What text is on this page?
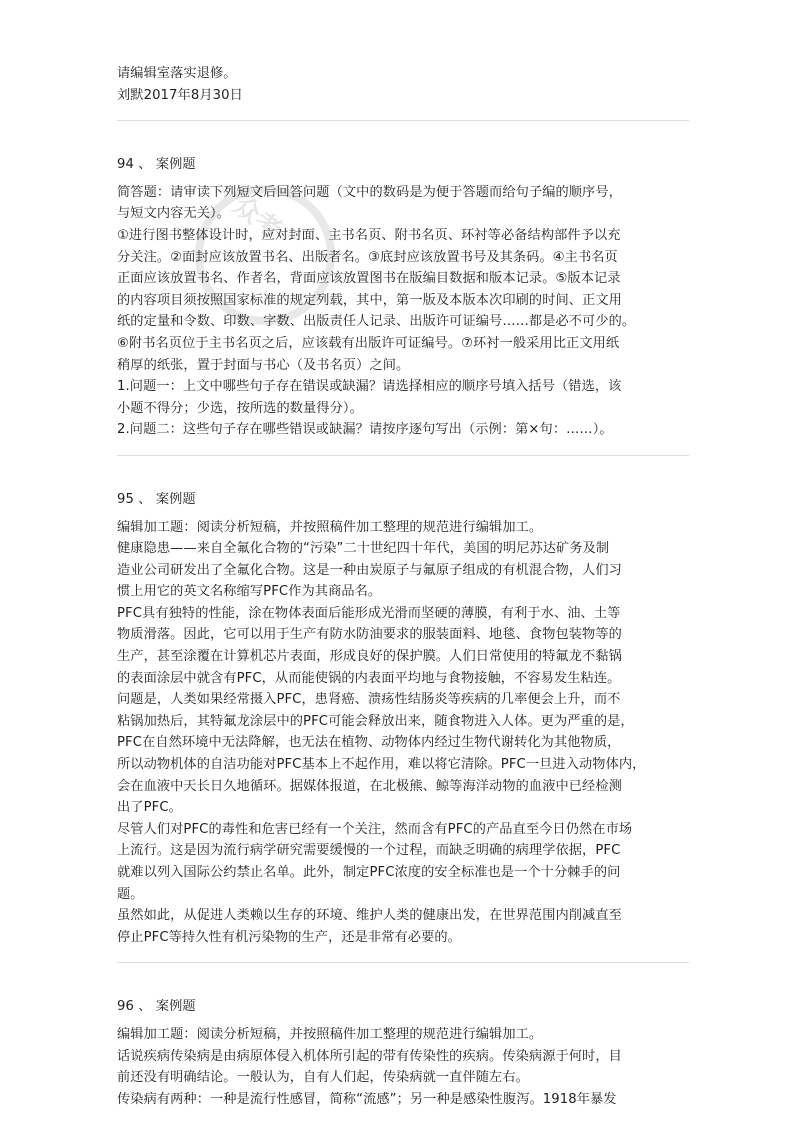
众考
请编辑室落实退修。
刘默2017年8月30日
94 、 案例题
简答题：请审读下列短文后回答问题（文中的数码是为便于答题而给句子编的顺序号，
与短文内容无关）。
①进行图书整体设计时，应对封面、主书名页、附书名页、环衬等必备结构部件予以充
分关注。②面封应该放置书名、出版者名。③底封应该放置书号及其条码。④主书名页
正面应该放置书名、作者名，背面应该放置图书在版编目数据和版本记录。⑤版本记录
的内容项目须按照国家标准的规定列载，其中，第一版及本版本次印刷的时间、正文用
纸的定量和令数、印数、字数、出版责任人记录、出版许可证编号……都是必不可少的。
⑥附书名页位于主书名页之后，应该载有出版许可证编号。⑦环衬一般采用比正文用纸
稍厚的纸张，置于封面与书心（及书名页）之间。
1.问题一：上文中哪些句子存在错误或缺漏？请选择相应的顺序号填入括号（错选，该
小题不得分；少选，按所选的数量得分）。
2.问题二：这些句子存在哪些错误或缺漏？请按序逐句写出（示例：第×句：……）。
95 、 案例题
编辑加工题：阅读分析短稿，并按照稿件加工整理的规范进行编辑加工。
健康隐患——来自全氟化合物的“污染”二十世纪四十年代，美国的明尼苏达矿务及制
造业公司研发出了全氟化合物。这是一种由炭原子与氟原子组成的有机混合物，人们习
惯上用它的英文名称缩写PFC作为其商品名。
PFC具有独特的性能，涂在物体表面后能形成光滑而坚硬的薄膜，有利于水、油、土等
物质滑落。因此，它可以用于生产有防水防油要求的服装面料、地毯、食物包装物等的
生产，甚至涂覆在计算机芯片表面，形成良好的保护膜。人们日常使用的特氟龙不黏锅
的表面涂层中就含有PFC，从而能使锅的内表面平均地与食物接触，不容易发生粘连。
问题是，人类如果经常摄入PFC，患肾癌、溃疡性结肠炎等疾病的几率便会上升，而不
粘锅加热后，其特氟龙涂层中的PFC可能会释放出来，随食物进入人体。更为严重的是，
PFC在自然环境中无法降解，也无法在植物、动物体内经过生物代谢转化为其他物质，
所以动物机体的自洁功能对PFC基本上不起作用，难以将它清除。PFC一旦进入动物体内，
会在血液中天长日久地循环。据媒体报道，在北极熊、鲸等海洋动物的血液中已经检测
出了PFC。
尽管人们对PFC的毒性和危害已经有一个关注，然而含有PFC的产品直至今日仍然在市场
上流行。这是因为流行病学研究需要缓慢的一个过程，而缺乏明确的病理学依据，PFC
就难以列入国际公约禁止名单。此外，制定PFC浓度的安全标准也是一个十分棘手的问
题。
虽然如此，从促进人类赖以生存的环境、维护人类的健康出发，在世界范围内削减直至
停止PFC等持久性有机污染物的生产，还是非常有必要的。
96 、 案例题
编辑加工题：阅读分析短稿，并按照稿件加工整理的规范进行编辑加工。
话说疾病传染病是由病原体侵入机体所引起的带有传染性的疾病。传染病源于何时，目
前还没有明确结论。一般认为，自有人们起，传染病就一直伴随左右。
传染病有两种：一种是流行性感冒，简称“流感”；另一种是感染性腹泻。1918年暴发
